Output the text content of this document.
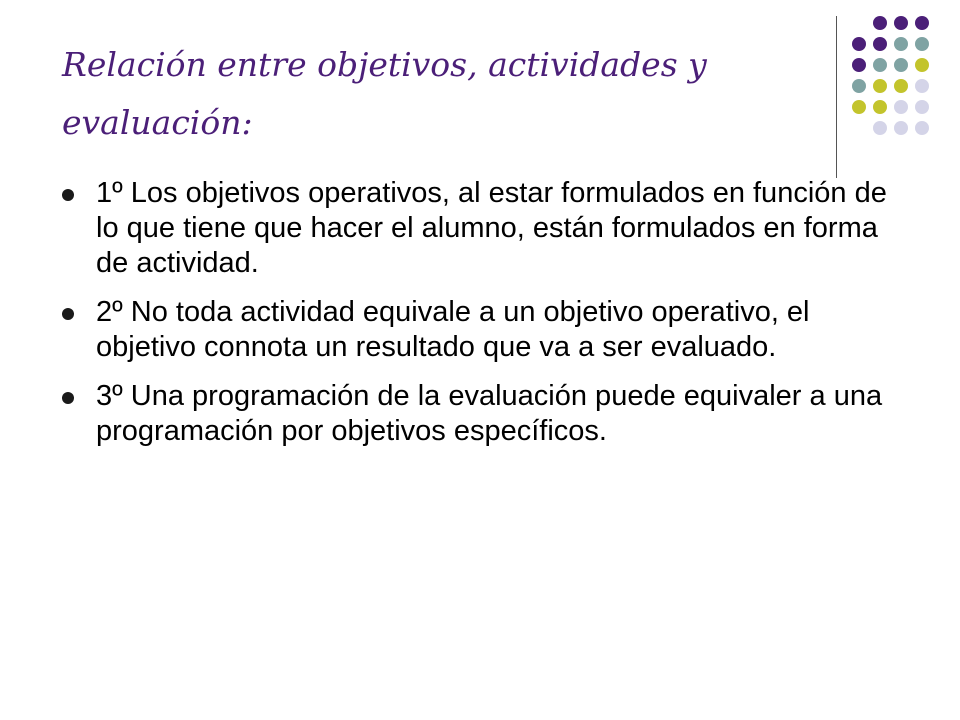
Relación entre objetivos, actividades y evaluación:
1º Los objetivos operativos, al estar formulados en función de lo que tiene que hacer el alumno, están formulados en forma de actividad.
2º No toda actividad equivale a un objetivo operativo, el objetivo connota un resultado que va a ser evaluado.
3º Una programación de la evaluación puede equivaler a una programación por objetivos específicos.
